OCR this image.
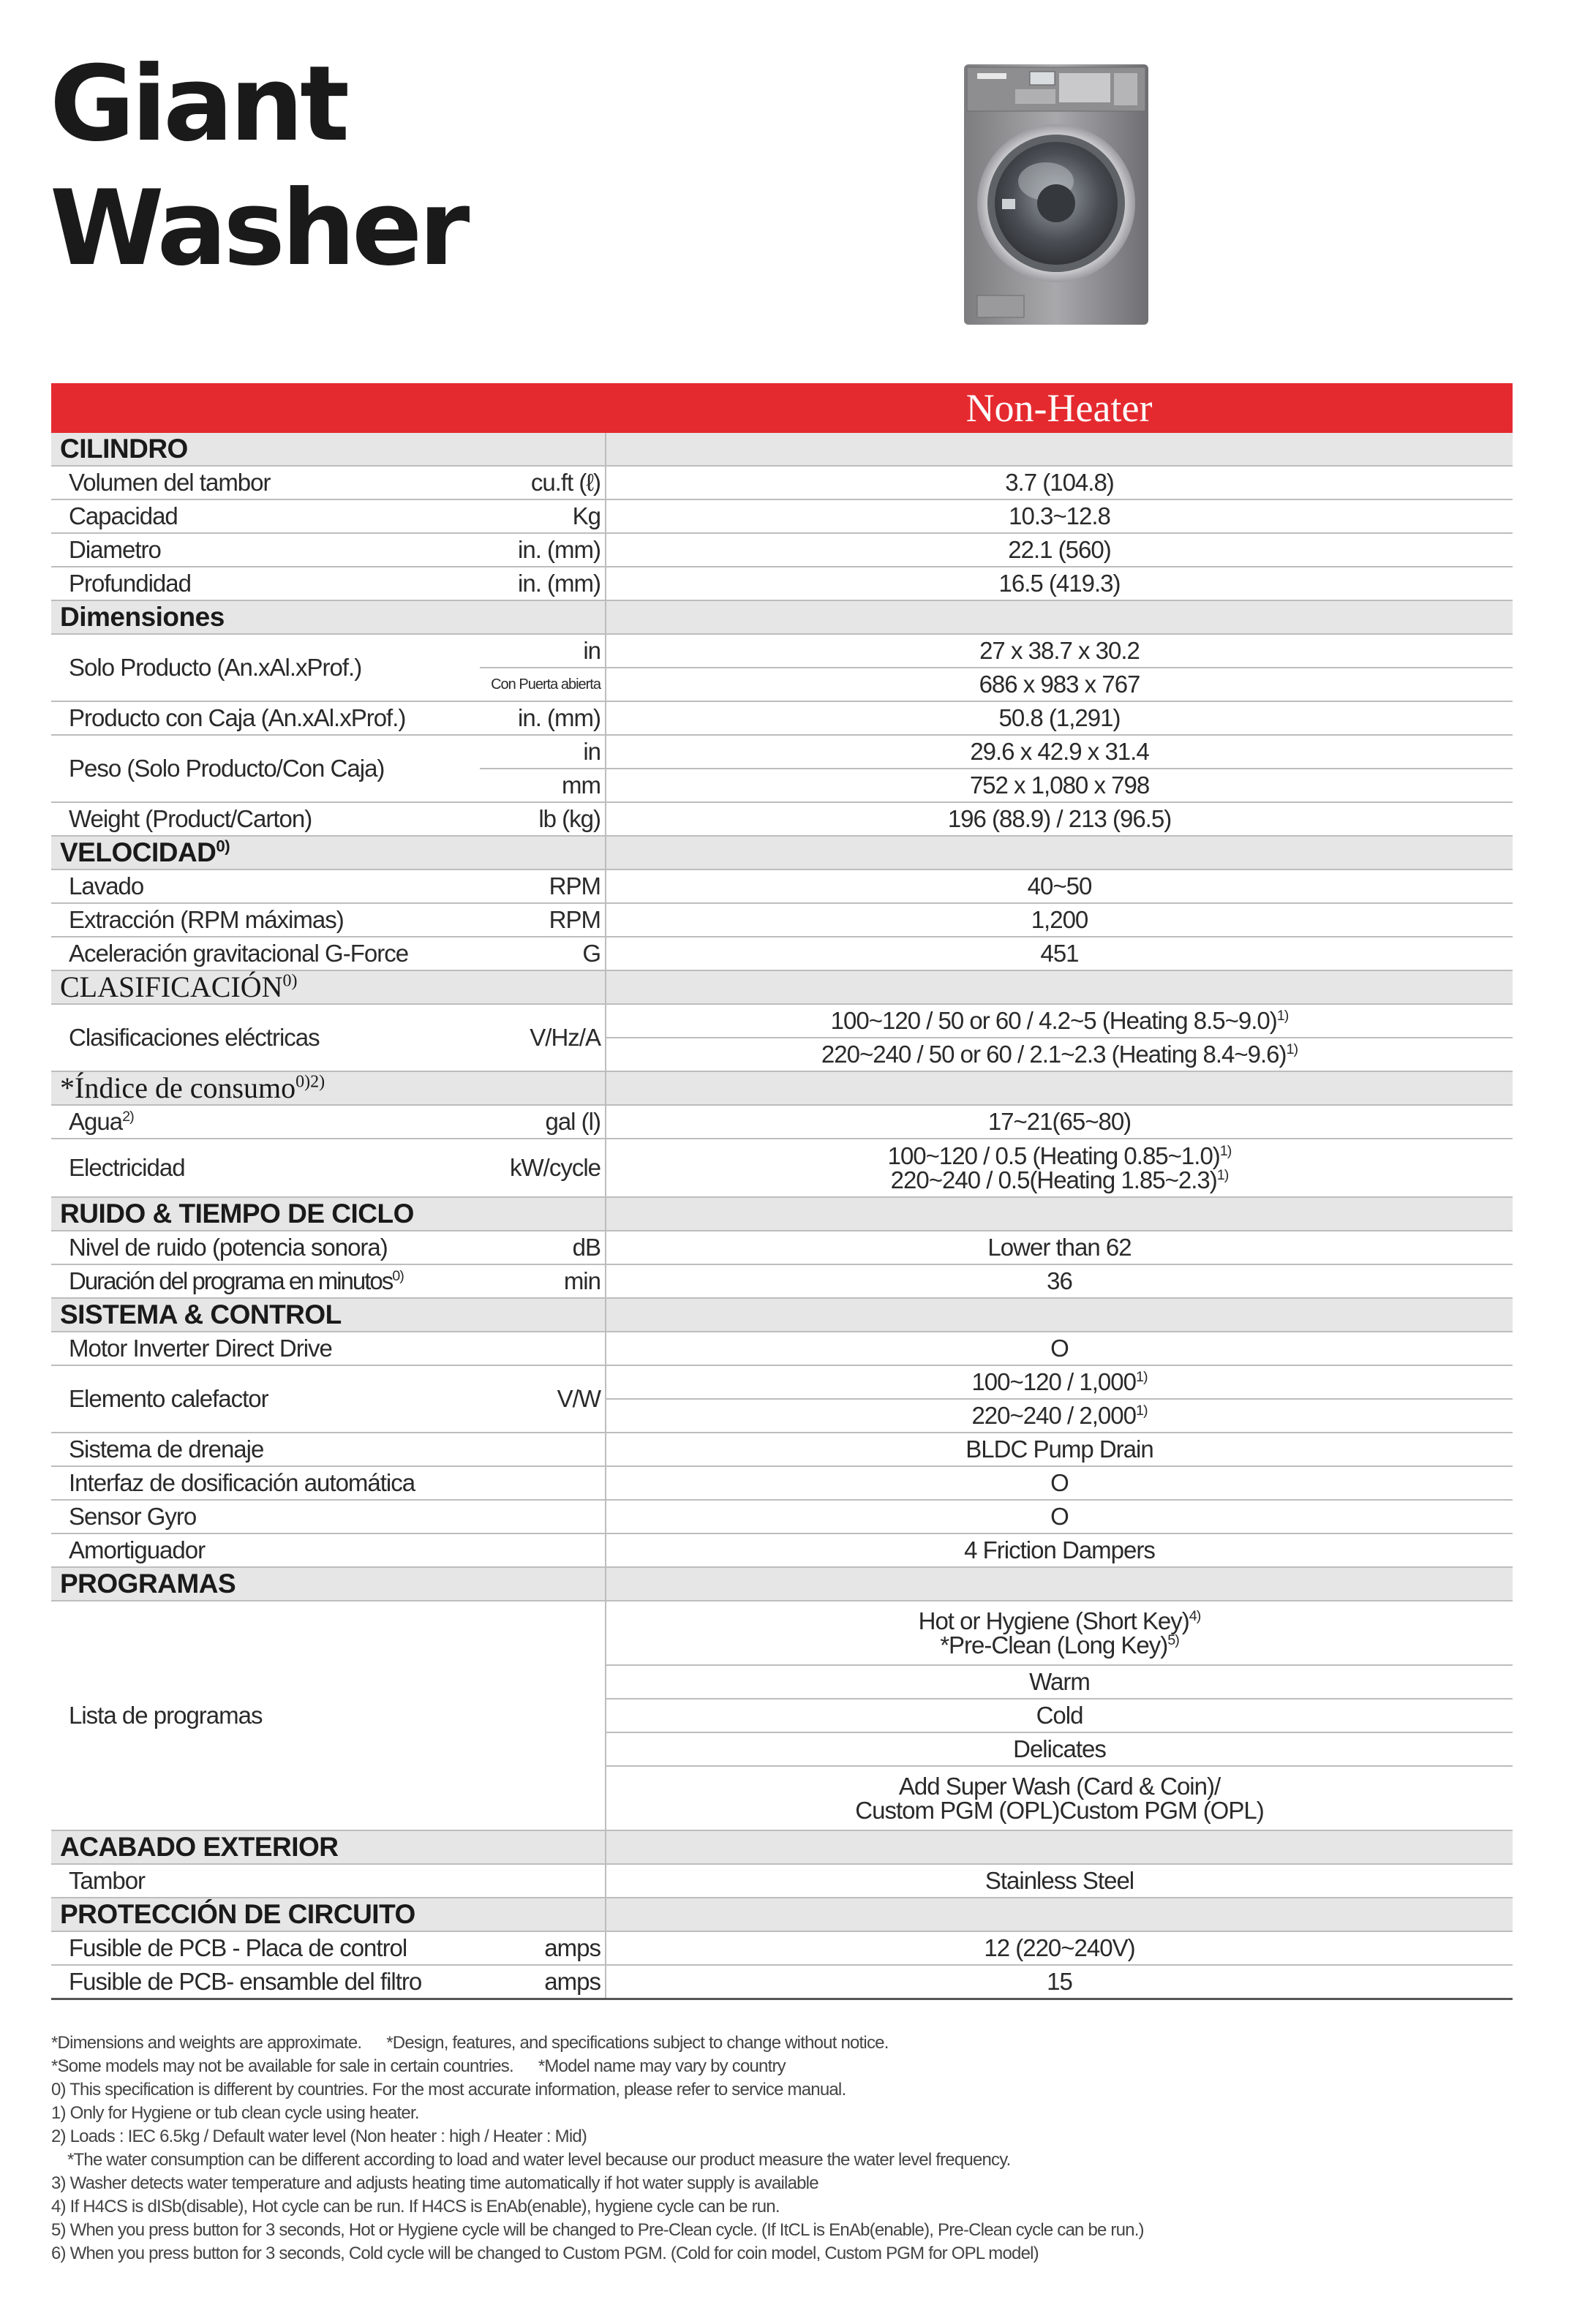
Giant
Washer
		Non-Heater
CILINDRO		
Volumen del tambor	cu.ft (ℓ)	3.7 (104.8)
Capacidad	Kg	10.3~12.8
Diametro	in. (mm)	22.1 (560)
Profundidad	in. (mm)	16.5 (419.3)
Dimensiones		
Solo Producto (An.xAl.xProf.)	in	27 x 38.7 x 30.2
	Con Puerta abierta	686 x 983 x 767
Producto con Caja (An.xAl.xProf.)	in. (mm)	50.8 (1,291)
Peso (Solo Producto/Con Caja)	in	29.6 x 42.9 x 31.4
	mm	752 x 1,080 x 798
Weight (Product/Carton)	lb (kg)	196 (88.9) / 213 (96.5)
VELOCIDAD$^{0)}$	
Lavado	RPM	40~50
Extracción (RPM máximas)	RPM	1,200
Aceleración gravitacional G-Force	G	451
CLASIFICACIÓN$^{0)}$	
Clasificaciones eléctricas	V/Hz/A	100~120 / 50 or 60 / 4.2~5 (Heating 8.5~9.0)$^{1)}$
		220~240 / 50 or 60 / 2.1~2.3 (Heating 8.4~9.6)$^{1)}$
*Índice de consumo$^{0)2)}$	
Agua$^{2)}$	gal (l)	17~21(65~80)
Electricidad	kW/cycle	100~120 / 0.5 (Heating 0.85~1.0)$^{1)}$
220~240 / 0.5(Heating 1.85~2.3)$^{1)}$

RUIDO & TIEMPO DE CICLO		
Nivel de ruido (potencia sonora)	dB	Lower than 62
Duración del programa en minutos$^{0)}$	min	36
SISTEMA & CONTROL		
Motor Inverter Direct Drive		O
Elemento calefactor	V/W	100~120 / 1,000$^{1)}$
		220~240 / 2,000$^{1)}$
Sistema de drenaje		BLDC Pump Drain
Interfaz de dosificación automática		O
Sensor Gyro		O
Amortiguador		4 Friction Dampers
PROGRAMAS		
Lista de programas		Hot or Hygiene (Short Key)$^{4)}$
*Pre-Clean (Long Key)$^{5)}$

		Warm
		Cold
		Delicates

		Add Super Wash (Card & Coin)/
Custom PGM (OPL)Custom PGM (OPL)

ACABADO EXTERIOR		
Tambor		Stainless Steel
PROTECCIÓN DE CIRCUITO		
Fusible de PCB - Placa de control	amps	12 (220~240V)
Fusible de PCB- ensamble del filtro	amps	15
*Dimensions and weights are approximate. *Design, features, and specifications subject to change without notice.
*Some models may not be available for sale in certain countries. *Model name may vary by country
0) This specification is different by countries. For the most accurate information, please refer to service manual.
1) Only for Hygiene or tub clean cycle using heater.
2) Loads : IEC 6.5kg / Default water level (Non heater : high / Heater : Mid)
*The water consumption can be different according to load and water level because our product measure the water level frequency.
3) Washer detects water temperature and adjusts heating time automatically if hot water supply is available
4) If H4CS is dISb(disable), Hot cycle can be run. If H4CS is EnAb(enable), hygiene cycle can be run.
5) When you press button for 3 seconds, Hot or Hygiene cycle will be changed to Pre-Clean cycle. (If ItCL is EnAb(enable), Pre-Clean cycle can be run.)
6) When you press button for 3 seconds, Cold cycle will be changed to Custom PGM. (Cold for coin model, Custom PGM for OPL model)
